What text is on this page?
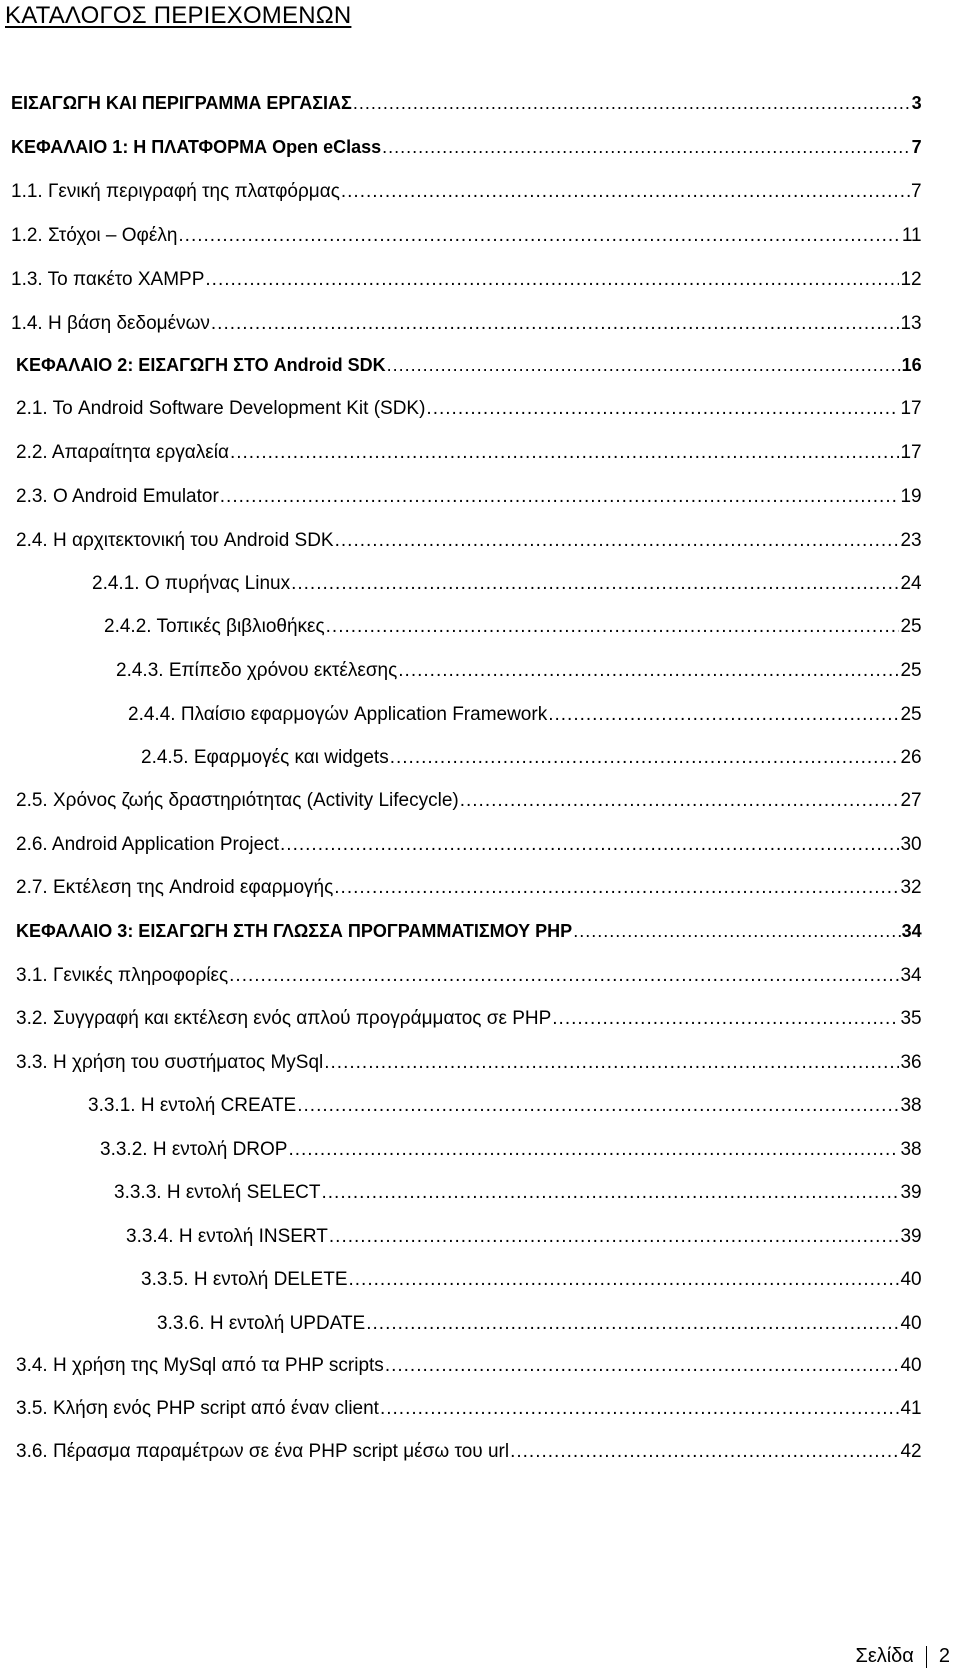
ΚΑΤΑΛΟΓΟΣ ΠΕΡΙΕΧΟΜΕΝΩΝ
ΕΙΣΑΓΩΓΗ ΚΑΙ ΠΕΡΙΓΡΑΜΜΑ ΕΡΓΑΣΙΑΣ .....	3
ΚΕΦΑΛΑΙΟ 1: Η ΠΛΑΤΦΟΡΜΑ Open eClass .....	7
1.1. Γενική περιγραφή της πλατφόρμας .....	7
1.2. Στόχοι – Οφέλη .....	11
1.3. Το πακέτο XAMPP .....	12
1.4. Η βάση δεδομένων .....	13
ΚΕΦΑΛΑΙΟ 2: ΕΙΣΑΓΩΓΗ ΣΤΟ Android SDK .....	16
2.1. Το Android Software Development Kit (SDK) .....	17
2.2. Απαραίτητα εργαλεία .....	17
2.3. O Android Emulator .....	19
2.4. Η αρχιτεκτονική του Android SDK .....	23
2.4.1. Ο πυρήνας Linux .....	24
2.4.2. Τοπικές βιβλιοθήκες .....	25
2.4.3. Επίπεδο χρόνου εκτέλεσης .....	25
2.4.4. Πλαίσιο εφαρμογών Application Framework .....	25
2.4.5. Εφαρμογές και widgets .....	26
2.5. Χρόνος ζωής δραστηριότητας (Activity Lifecycle) .....	27
2.6. Android Application Project .....	30
2.7. Εκτέλεση της Android εφαρμογής .....	32
ΚΕΦΑΛΑΙΟ 3: ΕΙΣΑΓΩΓΗ ΣΤΗ ΓΛΩΣΣΑ ΠΡΟΓΡΑΜΜΑΤΙΣΜΟΥ PHP .....	34
3.1. Γενικές πληροφορίες .....	34
3.2. Συγγραφή και εκτέλεση ενός απλού προγράμματος σε PHP .....	35
3.3. Η χρήση του συστήματος MySql .....	36
3.3.1. Η εντολή CREATE .....	38
3.3.2. Η εντολή DROP .....	38
3.3.3. Η εντολή SELECT .....	39
3.3.4. Η εντολή INSERT .....	39
3.3.5. Η εντολή DELETE .....	40
3.3.6. Η εντολή UPDATE .....	40
3.4. Η χρήση της MySql από τα PHP scripts .....	40
3.5. Κλήση ενός PHP script από έναν client .....	41
3.6. Πέρασμα παραμέτρων σε ένα PHP script μέσω του url .....	42
Σελίδα 2
